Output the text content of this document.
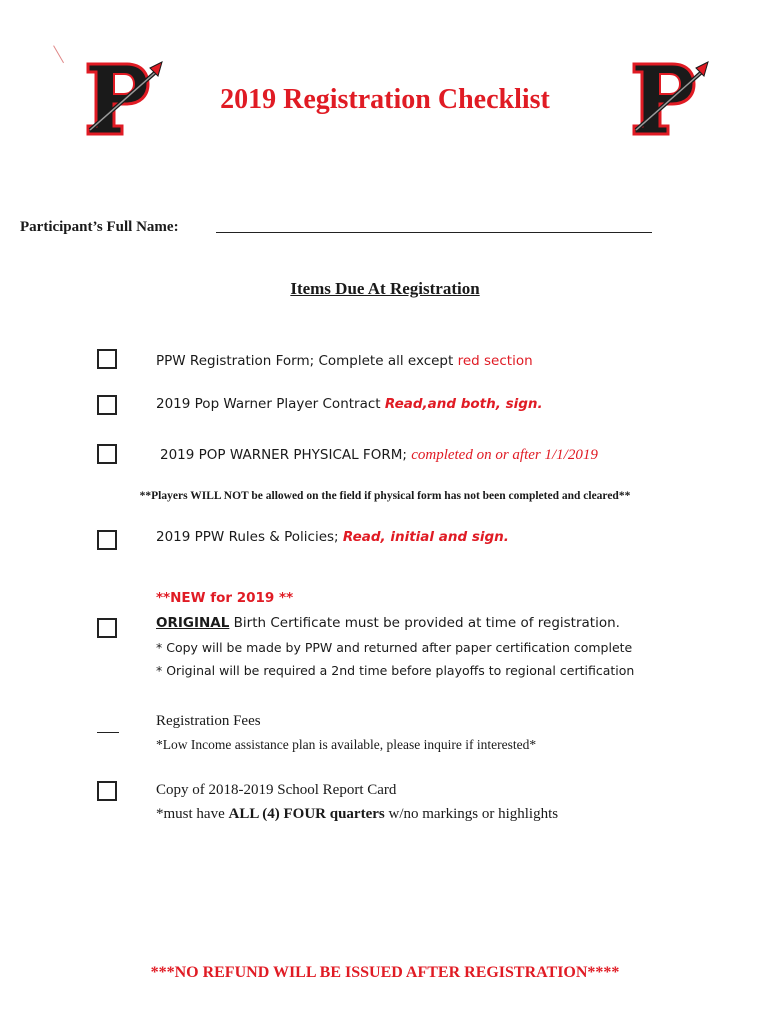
2019 Registration Checklist
Participant’s Full Name:
Items Due At Registration
PPW Registration Form; Complete all except red section
2019 Pop Warner Player Contract Read,and both, sign.
2019 POP WARNER PHYSICAL FORM; completed on or after 1/1/2019
**Players WILL NOT be allowed on the field if physical form has not been completed and cleared**
2019 PPW Rules & Policies; Read, initial and sign.
**NEW for 2019 **
ORIGINAL Birth Certificate must be provided at time of registration.
* Copy will be made by PPW and returned after paper certification complete
* Original will be required a 2nd time before playoffs to regional certification
Registration Fees
*Low Income assistance plan is available, please inquire if interested*
Copy of 2018-2019 School Report Card
*must have ALL (4) FOUR quarters w/no markings or highlights
***NO REFUND WILL BE ISSUED AFTER REGISTRATION****
